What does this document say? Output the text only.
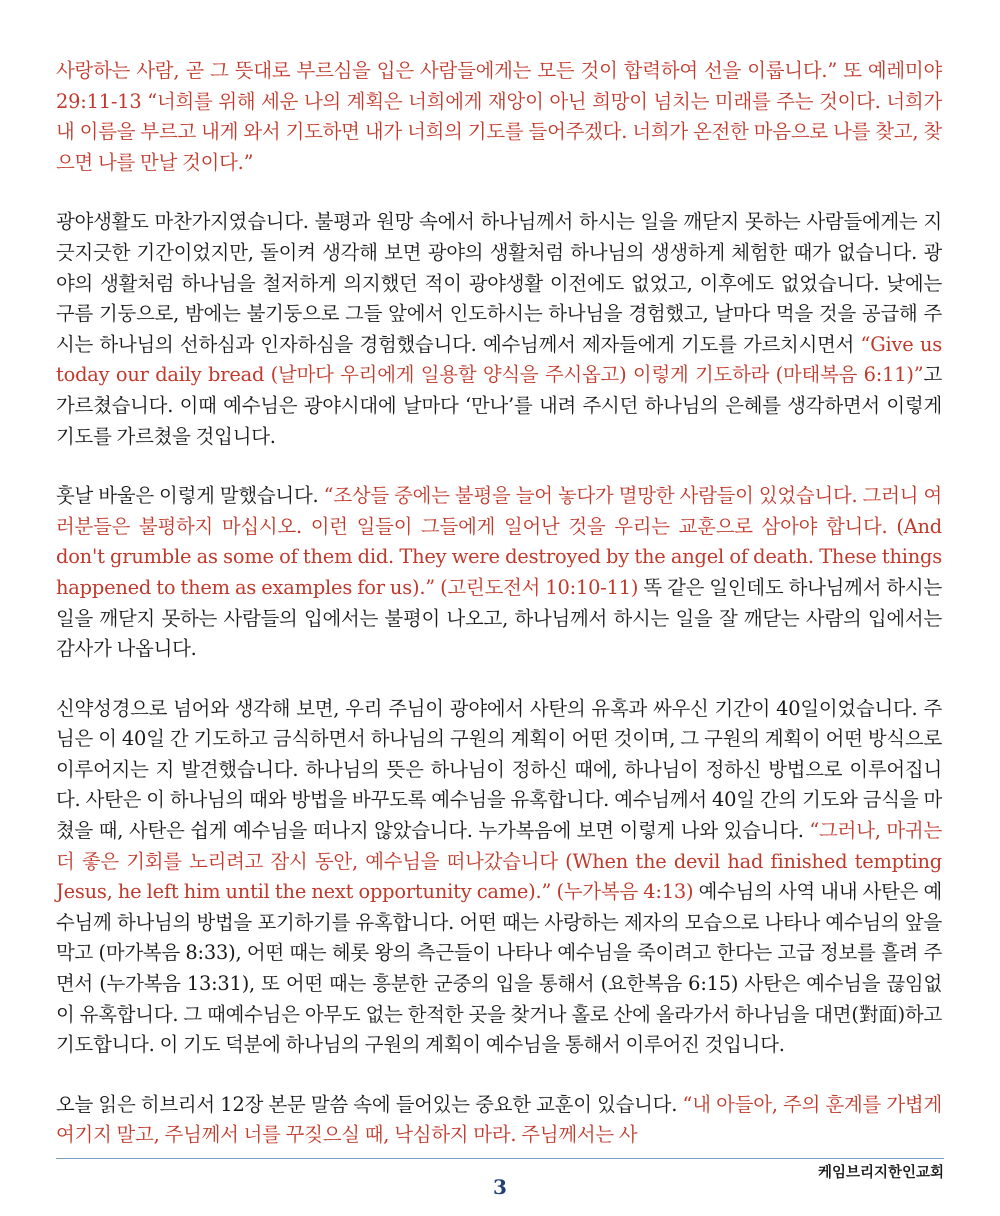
사랑하는 사람, 곧 그 뜻대로 부르심을 입은 사람들에게는 모든 것이 합력하여 선을 이룹니다.” 또 예레미야 29:11-13 “너희를 위해 세운 나의 계획은 너희에게 재앙이 아닌 희망이 넘치는 미래를 주는 것이다. 너희가 내 이름을 부르고 내게 와서 기도하면 내가 너희의 기도를 들어주겠다. 너희가 온전한 마음으로 나를 찾고, 찾으면 나를 만날 것이다.”

광야생활도 마찬가지였습니다. 불평과 원망 속에서 하나님께서 하시는 일을 깨닫지 못하는 사람들에게는 지긋지긋한 기간이었지만, 돌이켜 생각해 보면 광야의 생활처럼 하나님의 생생하게 체험한 때가 없습니다. 광야의 생활처럼 하나님을 철저하게 의지했던 적이 광야생활 이전에도 없었고, 이후에도 없었습니다. 낮에는 구름 기둥으로, 밤에는 불기둥으로 그들 앞에서 인도하시는 하나님을 경험했고, 날마다 먹을 것을 공급해 주시는 하나님의 선하심과 인자하심을 경험했습니다. 예수님께서 제자들에게 기도를 가르치시면서 “Give us today our daily bread (날마다 우리에게 일용할 양식을 주시옵고) 이렇게 기도하라 (마태복음 6:11)”고 가르쳤습니다. 이때 예수님은 광야시대에 날마다 ‘만나’를 내려 주시던 하나님의 은혜를 생각하면서 이렇게 기도를 가르쳤을 것입니다.

훗날 바울은 이렇게 말했습니다. “조상들 중에는 불평을 늘어 놓다가 멸망한 사람들이 있었습니다. 그러니 여러분들은 불평하지 마십시오. 이런 일들이 그들에게 일어난 것을 우리는 교훈으로 삼아야 합니다. (And don't grumble as some of them did. They were destroyed by the angel of death. These things happened to them as examples for us).” (고린도전서 10:10-11) 똑 같은 일인데도 하나님께서 하시는 일을 깨닫지 못하는 사람들의 입에서는 불평이 나오고, 하나님께서 하시는 일을 잘 깨닫는 사람의 입에서는 감사가 나옵니다.

신약성경으로 넘어와 생각해 보면, 우리 주님이 광야에서 사탄의 유혹과 싸우신 기간이 40일이었습니다. 주님은 이 40일 간 기도하고 금식하면서 하나님의 구원의 계획이 어떤 것이며, 그 구원의 계획이 어떤 방식으로 이루어지는 지 발견했습니다. 하나님의 뜻은 하나님이 정하신 때에, 하나님이 정하신 방법으로 이루어집니다. 사탄은 이 하나님의 때와 방법을 바꾸도록 예수님을 유혹합니다. 예수님께서 40일 간의 기도와 금식을 마쳤을 때, 사탄은 쉽게 예수님을 떠나지 않았습니다. 누가복음에 보면 이렇게 나와 있습니다. “그러나, 마귀는 더 좋은 기회를 노리려고 잠시 동안, 예수님을 떠나갔습니다 (When the devil had finished tempting Jesus, he left him until the next opportunity came).” (누가복음 4:13) 예수님의 사역 내내 사탄은 예수님께 하나님의 방법을 포기하기를 유혹합니다. 어떤 때는 사랑하는 제자의 모습으로 나타나 예수님의 앞을 막고 (마가복음 8:33), 어떤 때는 헤롯 왕의 측근들이 나타나 예수님을 죽이려고 한다는 고급 정보를 흘려 주면서 (누가복음 13:31), 또 어떤 때는 흥분한 군중의 입을 통해서 (요한복음 6:15) 사탄은 예수님을 끊임없이 유혹합니다. 그 때예수님은 아무도 없는 한적한 곳을 찾거나 홀로 산에 올라가서 하나님을 대면(對面)하고 기도합니다. 이 기도 덕분에 하나님의 구원의 계획이 예수님을 통해서 이루어진 것입니다.

오늘 읽은 히브리서 12장 본문 말씀 속에 들어있는 중요한 교훈이 있습니다. “내 아들아, 주의 훈계를 가볍게 여기지 말고, 주님께서 너를 꾸짖으실 때, 낙심하지 마라. 주님께서는 사

케임브리지한인교회
3
